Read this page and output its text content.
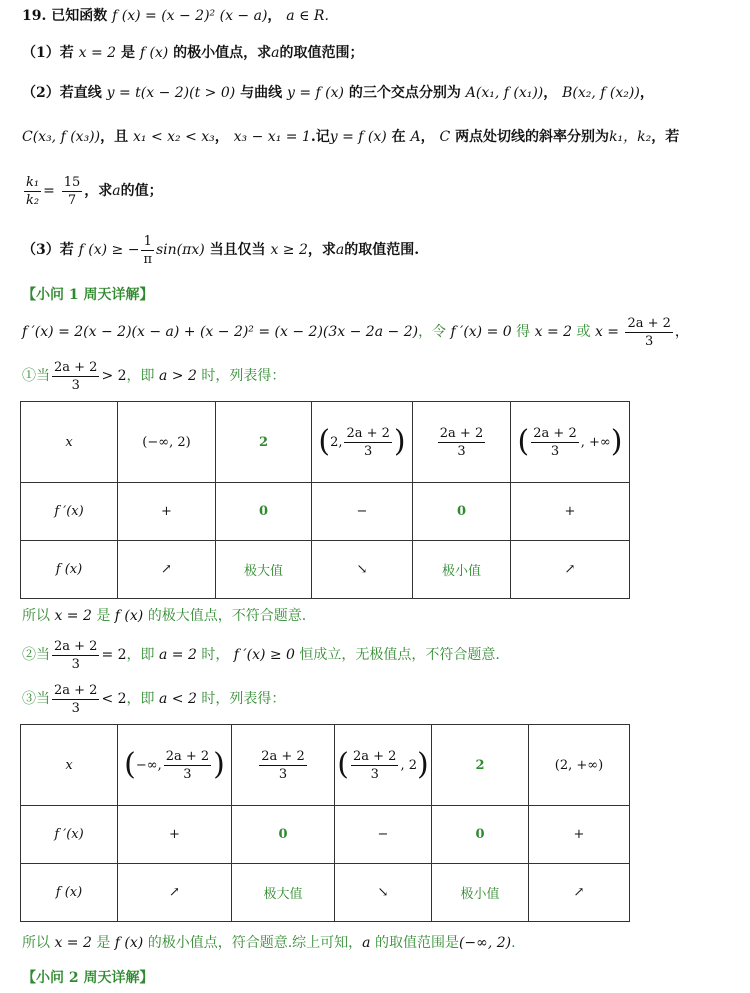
19. 已知函数 f (x) = (x − 2)² (x − a)， a ∈ R.
（1）若 x = 2 是 f (x) 的极小值点，求a的取值范围；
（2）若直线 y = t(x − 2)(t > 0) 与曲线 y = f (x) 的三个交点分别为 A(x₁, f (x₁))， B(x₂, f (x₂))，
C(x₃, f (x₃))，且 x₁ < x₂ < x₃， x₃ − x₁ = 1.记y = f (x) 在 A， C 两点处切线的斜率分别为k₁，k₂，若
$\frac{\text{k₁}}{\text{k₂}} = \frac{15}{7}$ ，求a的值；
（3）若 f (x) ≥ − $\frac{1}{\pi} \sin(\pi x)$ 当且仅当 x ≥ 2，求a的取值范围.
【小问 1 周天详解】
f ′(x) = 2(x − 2)(x − a) + (x − 2)² = (x − 2)(3x − 2a − 2)，令 f ′(x) = 0 得 x = 2 或 $x = \frac{2a + 2}{3}$ ，
①当 $\frac{2a + 2}{3} > 2$，即 a > 2 时，列表得：
x	(−∞, 2)	2	(2, $\frac{2a + 2}{3}$ )	$\frac{2a + 2}{3}$	( $\frac{2a + 2}{3}$ , +∞)
f ′(x)	+	0	−	0	+
f (x)	↗	极大值	↘	极小值	↗
所以 x = 2 是 f (x) 的极大值点，不符合题意.
②当 $\frac{2a + 2}{3} = 2$，即 a = 2 时， f ′(x) ≥ 0 恒成立，无极值点，不符合题意.
③当 $\frac{2a + 2}{3} < 2$，即 a < 2 时，列表得：
x	(−∞, $\frac{2a + 2}{3}$ )	$\frac{2a + 2}{3}$	( $\frac{2a + 2}{3}$ , 2)	2	(2, +∞)
f ′(x)	+	0	−	0	+
f (x)	↗	极大值	↘	极小值	↗
所以 x = 2 是 f (x) 的极小值点，符合题意.综上可知，a 的取值范围是(−∞, 2).
【小问 2 周天详解】
